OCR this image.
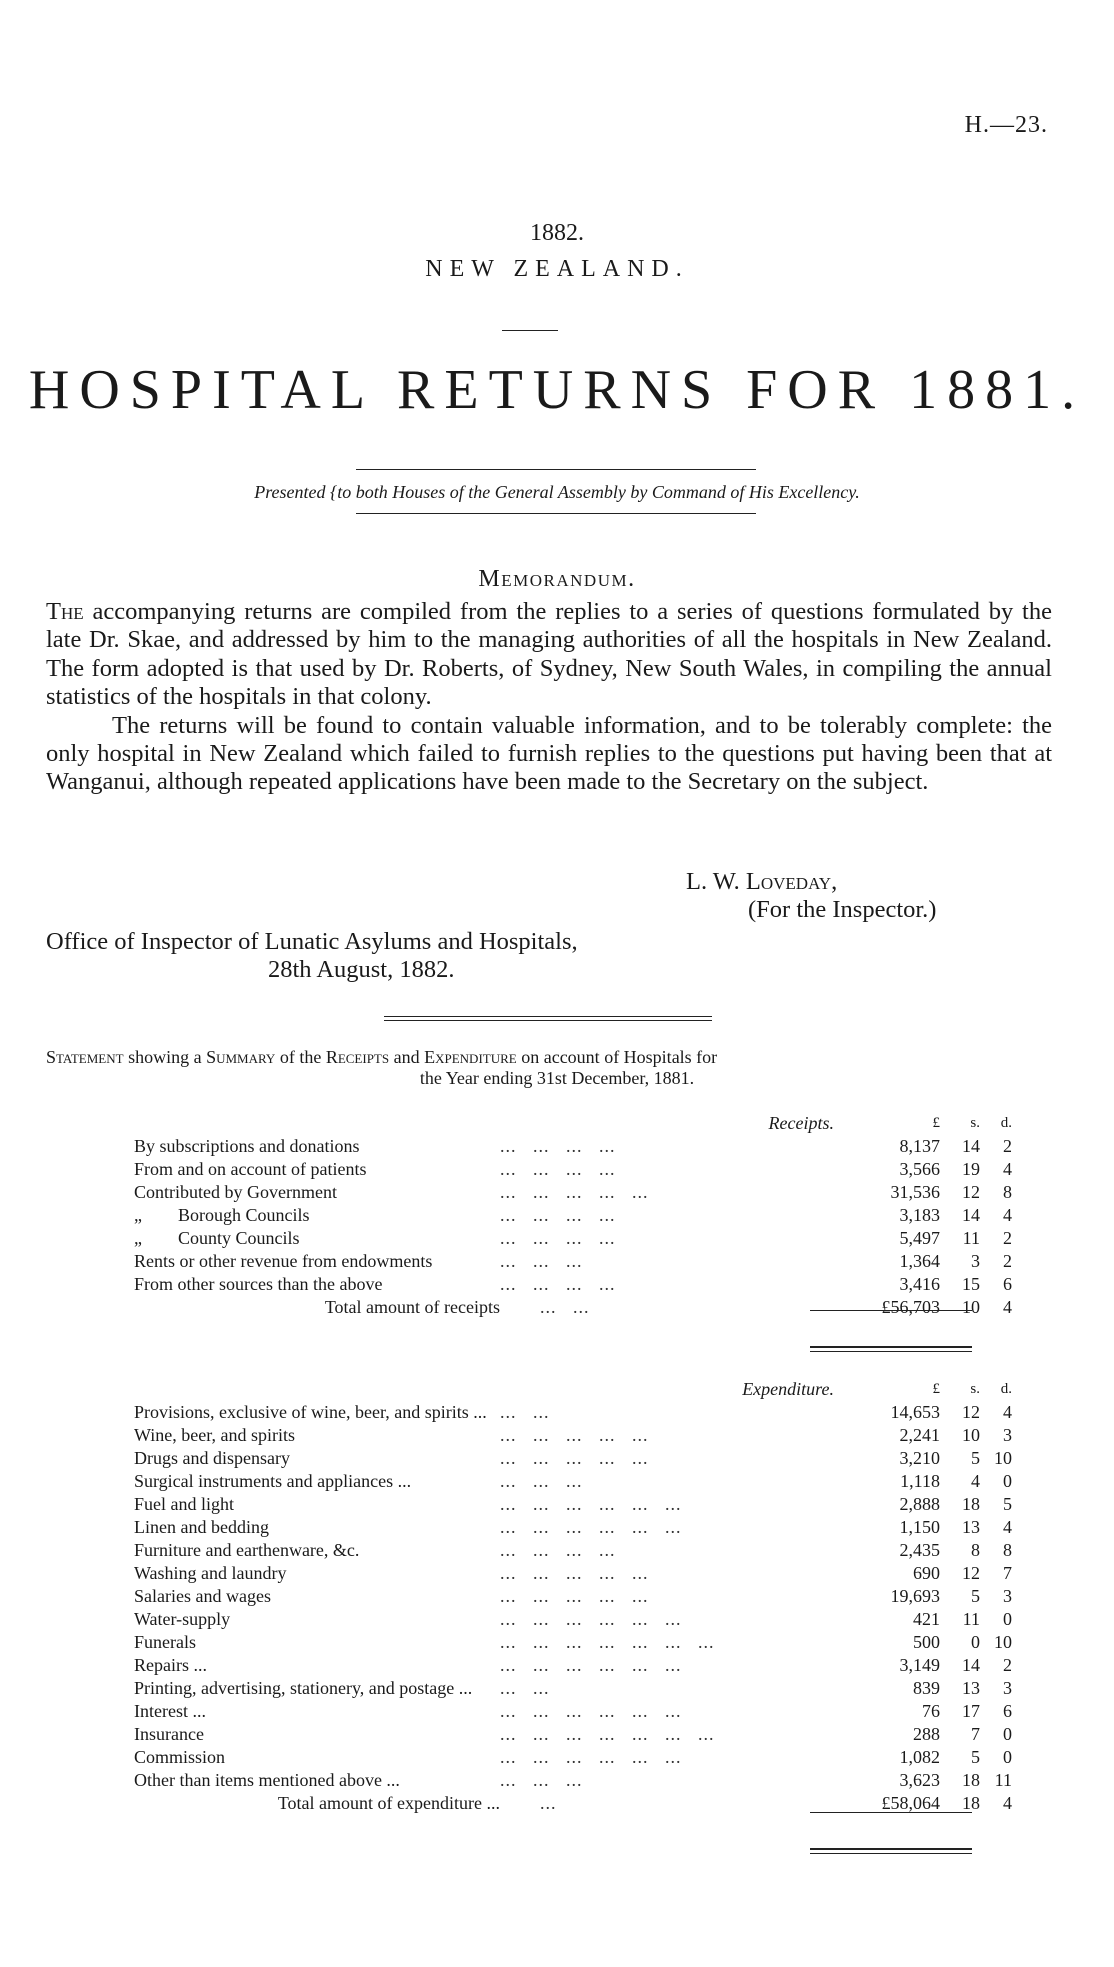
H.—23.
1882.
NEW ZEALAND.
HOSPITAL RETURNS FOR 1881.
Presented {to both Houses of the General Assembly by Command of His Excellency.
Memorandum.

The accompanying returns are compiled from the replies to a series of questions formulated by the late Dr. Skae, and addressed by him to the managing authorities of all the hospitals in New Zealand. The form adopted is that used by Dr. Roberts, of Sydney, New South Wales, in compiling the annual statistics of the hospitals in that colony.

The returns will be found to contain valuable information, and to be tolerably complete: the only hospital in New Zealand which failed to furnish replies to the questions put having been that at Wanganui, although repeated applications have been made to the Secretary on the subject.

L. W. Loveday,
(For the Inspector.)
Office of Inspector of Lunatic Asylums and Hospitals,
28th August, 1882.
Statement showing a Summary of the Receipts and Expenditure on account of Hospitals for
the Year ending 31st December, 1881.
Receipts.		£	s.	d.
By subscriptions and donations	...   ...   ...   ...	8,137	14	2
From and on account of patients	...   ...   ...   ...	3,566	19	4
Contributed by Government	...   ...   ...   ...   ...	31,536	12	8
„        Borough Councils	...   ...   ...   ...	3,183	14	4
„        County Councils	...   ...   ...   ...	5,497	11	2
Rents or other revenue from endowments	...   ...   ...	1,364	3	2
From other sources than the above	...   ...   ...   ...	3,416	15	6
Total amount of receipts	...   ...	£56,703	10	4
Expenditure.		£	s.	d.
Provisions, exclusive of wine, beer, and spirits ...	...   ...	14,653	12	4
Wine, beer, and spirits	...   ...   ...   ...   ...	2,241	10	3
Drugs and dispensary	...   ...   ...   ...   ...	3,210	5	10
Surgical instruments and appliances ...	...   ...   ...	1,118	4	0
Fuel and light	...   ...   ...   ...   ...   ...	2,888	18	5
Linen and bedding	...   ...   ...   ...   ...   ...	1,150	13	4
Furniture and earthenware, &c.	...   ...   ...   ...	2,435	8	8
Washing and laundry	...   ...   ...   ...   ...	690	12	7
Salaries and wages	...   ...   ...   ...   ...	19,693	5	3
Water-supply	...   ...   ...   ...   ...   ...	421	11	0
Funerals	...   ...   ...   ...   ...   ...   ...	500	0	10
Repairs ...	...   ...   ...   ...   ...   ...	3,149	14	2
Printing, advertising, stationery, and postage ...	...   ...	839	13	3
Interest ...	...   ...   ...   ...   ...   ...	76	17	6
Insurance	...   ...   ...   ...   ...   ...   ...	288	7	0
Commission	...   ...   ...   ...   ...   ...	1,082	5	0
Other than items mentioned above ...	...   ...   ...	3,623	18	11
Total amount of expenditure ...	...	£58,064	18	4
